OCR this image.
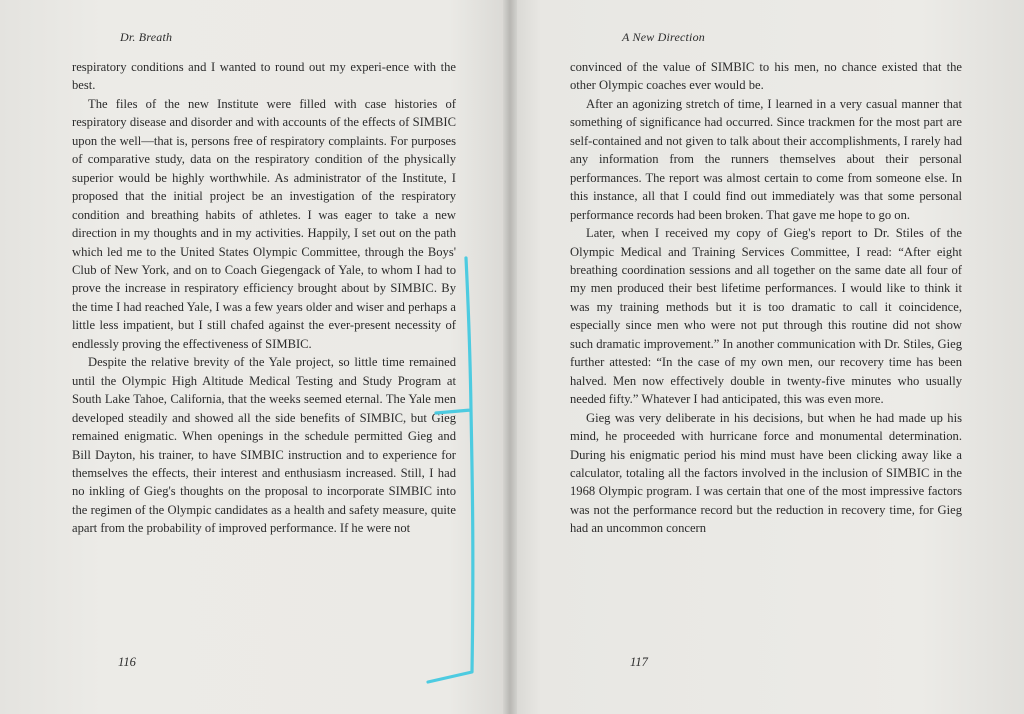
Dr. Breath

respiratory conditions and I wanted to round out my experi-ence with the best.

The files of the new Institute were filled with case histories of respiratory disease and disorder and with accounts of the effects of SIMBIC upon the well—that is, persons free of respiratory complaints. For purposes of comparative study, data on the respiratory condition of the physically superior would be highly worthwhile. As administrator of the Institute, I proposed that the initial project be an investigation of the respiratory condition and breathing habits of athletes. I was eager to take a new direction in my thoughts and in my activities. Happily, I set out on the path which led me to the United States Olympic Committee, through the Boys' Club of New York, and on to Coach Giegengack of Yale, to whom I had to prove the increase in respiratory efficiency brought about by SIMBIC. By the time I had reached Yale, I was a few years older and wiser and perhaps a little less impatient, but I still chafed against the ever-present necessity of endlessly proving the effectiveness of SIMBIC.

Despite the relative brevity of the Yale project, so little time remained until the Olympic High Altitude Medical Testing and Study Program at South Lake Tahoe, California, that the weeks seemed eternal. The Yale men developed steadily and showed all the side benefits of SIMBIC, but Gieg remained enigmatic. When openings in the schedule permitted Gieg and Bill Dayton, his trainer, to have SIMBIC instruction and to experience for themselves the effects, their interest and enthusiasm increased. Still, I had no inkling of Gieg's thoughts on the proposal to incorporate SIMBIC into the regimen of the Olympic candidates as a health and safety measure, quite apart from the probability of improved performance. If he were not

116
A New Direction

convinced of the value of SIMBIC to his men, no chance existed that the other Olympic coaches ever would be.

After an agonizing stretch of time, I learned in a very casual manner that something of significance had occurred. Since trackmen for the most part are self-contained and not given to talk about their accomplishments, I rarely had any information from the runners themselves about their personal performances. The report was almost certain to come from someone else. In this instance, all that I could find out immediately was that some personal performance records had been broken. That gave me hope to go on.

Later, when I received my copy of Gieg's report to Dr. Stiles of the Olympic Medical and Training Services Committee, I read: “After eight breathing coordination sessions and all together on the same date all four of my men produced their best lifetime performances. I would like to think it was my training methods but it is too dramatic to call it coincidence, especially since men who were not put through this routine did not show such dramatic improvement.” In another communication with Dr. Stiles, Gieg further attested: “In the case of my own men, our recovery time has been halved. Men now effectively double in twenty-five minutes who usually needed fifty.” Whatever I had anticipated, this was even more.

Gieg was very deliberate in his decisions, but when he had made up his mind, he proceeded with hurricane force and monumental determination. During his enigmatic period his mind must have been clicking away like a calculator, totaling all the factors involved in the inclusion of SIMBIC in the 1968 Olympic program. I was certain that one of the most impressive factors was not the performance record but the reduction in recovery time, for Gieg had an uncommon concern

117
